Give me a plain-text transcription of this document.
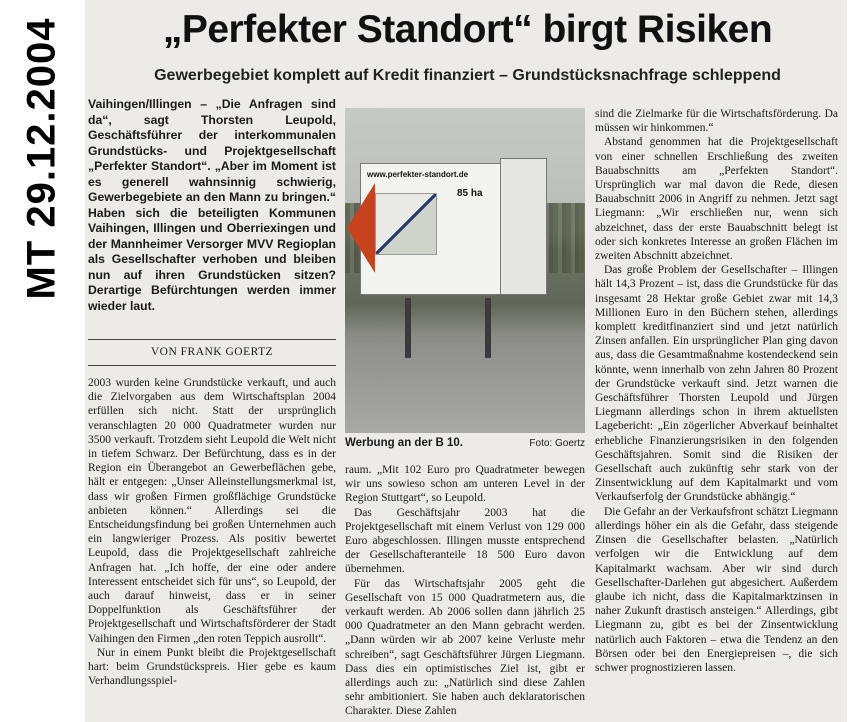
MT 29.12.2004	„Perfekter Standort“ birgt Risiken
Gewerbegebiet komplett auf Kredit finanziert – Grundstücksnachfrage schleppend
Vaihingen/Illingen – „Die Anfragen sind da“, sagt Thorsten Leupold, Geschäftsführer der interkommunalen Grundstücks- und Projektgesellschaft „Perfekter Standort“. „Aber im Moment ist es generell wahnsinnig schwierig, Gewerbegebiete an den Mann zu bringen.“ Haben sich die beteiligten Kommunen Vaihingen, Illingen und Oberriexingen und der Mannheimer Versorger MVV Regioplan als Gesellschafter verhoben und bleiben nun auf ihren Grundstücken sitzen? Derartige Befürchtungen werden immer wieder laut.
VON FRANK GOERTZ

2003 wurden keine Grundstücke verkauft, und auch die Zielvorgaben aus dem Wirtschaftsplan 2004 erfüllen sich nicht. Statt der ursprünglich veranschlagten 20 000 Quadratmeter wurden nur 3500 verkauft. Trotzdem sieht Leupold die Welt nicht in tiefem Schwarz. Der Befürchtung, dass es in der Region ein Überangebot an Gewerbeflächen gebe, hält er entgegen: „Unser Alleinstellungsmerkmal ist, dass wir großen Firmen großflächige Grundstücke anbieten können.“ Allerdings sei die Entscheidungsfindung bei großen Unternehmen auch ein langwieriger Prozess. Als positiv bewertet Leupold, dass die Projektgesellschaft zahlreiche Anfragen hat. „Ich hoffe, der eine oder andere Interessent entscheidet sich für uns“, so Leupold, der auch darauf hinweist, dass er in seiner Doppelfunktion als Geschäftsführer der Projektgesellschaft und Wirtschaftsförderer der Stadt Vaihingen den Firmen „den roten Teppich ausrollt“.

Nur in einem Punkt bleibt die Projektgesellschaft hart: beim Grundstückspreis. Hier gebe es kaum Verhandlungsspiel-

www.perfekter-standort.de
85 ha
Werbung an der B 10.	Foto: Goertz

raum. „Mit 102 Euro pro Quadratmeter bewegen wir uns sowieso schon am unteren Level in der Region Stuttgart“, so Leupold.

Das Geschäftsjahr 2003 hat die Projektgesellschaft mit einem Verlust von 129 000 Euro abgeschlossen. Illingen musste entsprechend der Gesellschafteranteile 18 500 Euro davon übernehmen.

Für das Wirtschaftsjahr 2005 geht die Gesellschaft von 15 000 Quadratmetern aus, die verkauft werden. Ab 2006 sollen dann jährlich 25 000 Quadratmeter an den Mann gebracht werden. „Dann würden wir ab 2007 keine Verluste mehr schreiben“, sagt Geschäftsführer Jürgen Liegmann. Dass dies ein optimistisches Ziel ist, gibt er allerdings auch zu: „Natürlich sind diese Zahlen sehr ambitioniert. Sie haben auch deklaratorischen Charakter. Diese Zahlen

sind die Zielmarke für die Wirtschaftsförderung. Da müssen wir hinkommen.“

Abstand genommen hat die Projektgesellschaft von einer schnellen Erschließung des zweiten Bauabschnitts am „Perfekten Standort“. Ursprünglich war mal davon die Rede, diesen Bauabschnitt 2006 in Angriff zu nehmen. Jetzt sagt Liegmann: „Wir erschließen nur, wenn sich abzeichnet, dass der erste Bauabschnitt belegt ist oder sich konkretes Interesse an großen Flächen im zweiten Abschnitt abzeichnet.

Das große Problem der Gesellschafter – Illingen hält 14,3 Prozent – ist, dass die Grundstücke für das insgesamt 28 Hektar große Gebiet zwar mit 14,3 Millionen Euro in den Büchern stehen, allerdings komplett kreditfinanziert sind und jetzt natürlich Zinsen anfallen. Ein ursprünglicher Plan ging davon aus, dass die Gesamtmaßnahme kostendeckend sein könnte, wenn innerhalb von zehn Jahren 80 Prozent der Grundstücke verkauft sind. Jetzt warnen die Geschäftsführer Thorsten Leupold und Jürgen Liegmann allerdings schon in ihrem aktuellsten Lagebericht: „Ein zögerlicher Abverkauf beinhaltet erhebliche Finanzierungsrisiken in den folgenden Geschäftsjahren. Somit sind die Risiken der Gesellschaft auch zukünftig sehr stark von der Zinsentwicklung auf dem Kapitalmarkt und vom Verkaufserfolg der Grundstücke abhängig.“

Die Gefahr an der Verkaufsfront schätzt Liegmann allerdings höher ein als die Gefahr, dass steigende Zinsen die Gesellschafter belasten. „Natürlich verfolgen wir die Entwicklung auf dem Kapitalmarkt wachsam. Aber wir sind durch Gesellschafter-Darlehen gut abgesichert. Außerdem glaube ich nicht, dass die Kapitalmarktzinsen in naher Zukunft drastisch ansteigen.“ Allerdings, gibt Liegmann zu, gibt es bei der Zinsentwicklung natürlich auch Faktoren – etwa die Tendenz an den Börsen oder bei den Energiepreisen –, die sich schwer prognostizieren lassen.
